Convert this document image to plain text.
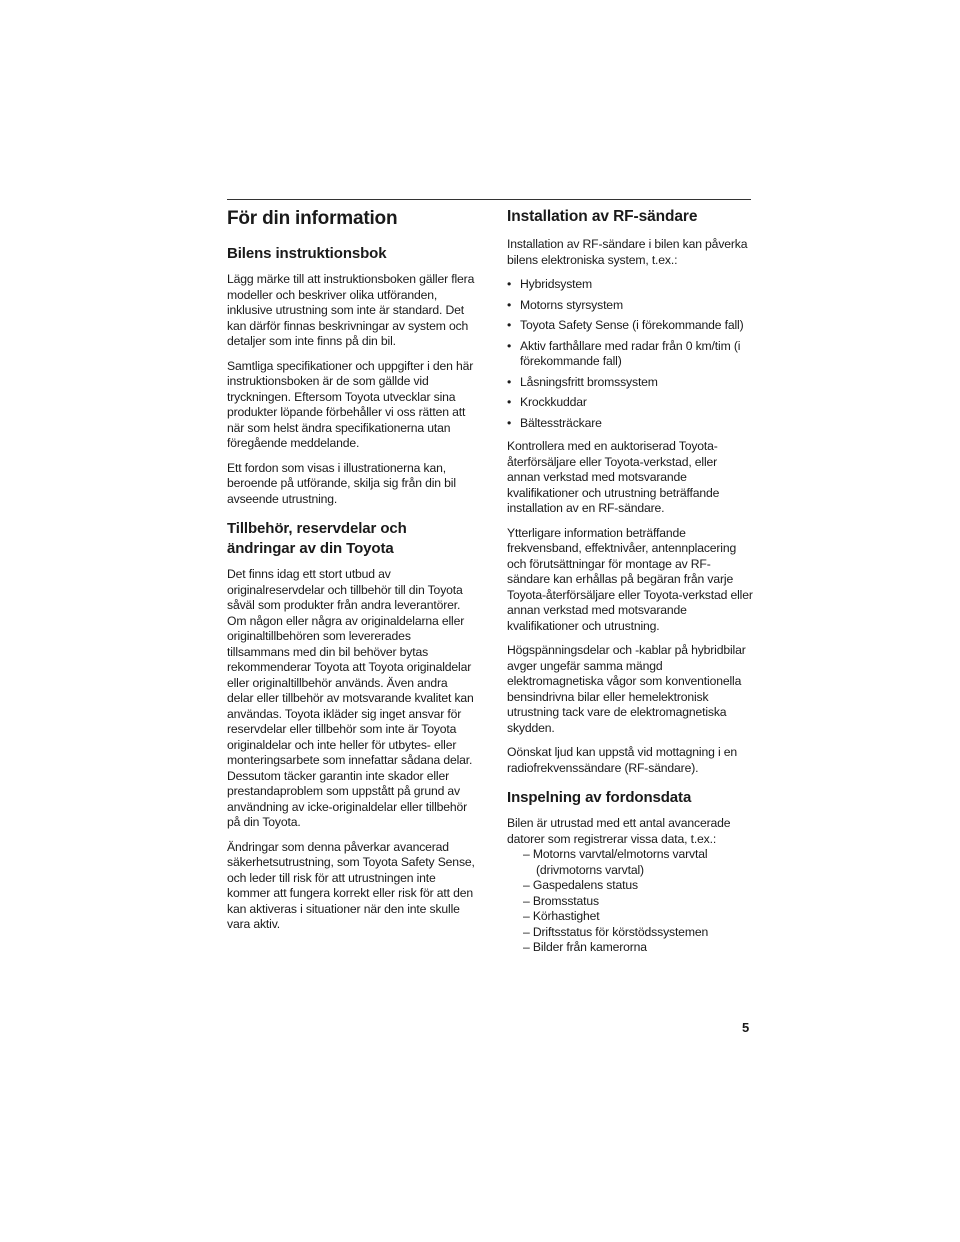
För din information
Bilens instruktionsbok

Lägg märke till att instruktionsboken gäller flera modeller och beskriver olika utföranden, inklusive utrustning som inte är standard. Det kan därför finnas beskrivningar av system och detaljer som inte finns på din bil.

Samtliga specifikationer och uppgifter i den här instruktionsboken är de som gällde vid tryckningen. Eftersom Toyota utvecklar sina produkter löpande förbehåller vi oss rätten att när som helst ändra specifikationerna utan föregående meddelande.

Ett fordon som visas i illustrationerna kan, beroende på utförande, skilja sig från din bil avseende utrustning.

Tillbehör, reservdelar och ändringar av din Toyota

Det finns idag ett stort utbud av originalreservdelar och tillbehör till din Toyota såväl som produkter från andra leverantörer. Om någon eller några av originaldelarna eller originaltillbehören som levererades tillsammans med din bil behöver bytas rekommenderar Toyota att Toyota originaldelar eller originaltillbehör används. Även andra delar eller tillbehör av motsvarande kvalitet kan användas. Toyota ikläder sig inget ansvar för reservdelar eller tillbehör som inte är Toyota originaldelar och inte heller för utbytes- eller monteringsarbete som innefattar sådana delar. Dessutom täcker garantin inte skador eller prestandaproblem som uppstått på grund av användning av icke-originaldelar eller tillbehör på din Toyota.

Ändringar som denna påverkar avancerad säkerhetsutrustning, som Toyota Safety Sense, och leder till risk för att utrustningen inte kommer att fungera korrekt eller risk för att den kan aktiveras i situationer när den inte skulle vara aktiv.

Installation av RF-sändare

Installation av RF-sändare i bilen kan påverka bilens elektroniska system, t.ex.:

• Hybridsystem
• Motorns styrsystem
• Toyota Safety Sense (i förekommande fall)
• Aktiv farthållare med radar från 0 km/tim (i förekommande fall)
• Låsningsfritt bromssystem
• Krockkuddar
• Bältessträckare

Kontrollera med en auktoriserad Toyota-återförsäljare eller Toyota-verkstad, eller annan verkstad med motsvarande kvalifikationer och utrustning beträffande installation av en RF-sändare.

Ytterligare information beträffande frekvensband, effektnivåer, antennplacering och förutsättningar för montage av RF-sändare kan erhållas på begäran från varje Toyota-återförsäljare eller Toyota-verkstad eller annan verkstad med motsvarande kvalifikationer och utrustning.

Högspänningsdelar och -kablar på hybridbilar avger ungefär samma mängd elektromagnetiska vågor som konventionella bensindrivna bilar eller hemelektronisk utrustning tack vare de elektromagnetiska skydden.

Oönskat ljud kan uppstå vid mottagning i en radiofrekvenssändare (RF-sändare).

Inspelning av fordonsdata

Bilen är utrustad med ett antal avancerade datorer som registrerar vissa data, t.ex.:

– Motorns varvtal/elmotorns varvtal (drivmotorns varvtal)
– Gaspedalens status
– Bromsstatus
– Körhastighet
– Driftsstatus för körstödssystemen
– Bilder från kamerorna
5
